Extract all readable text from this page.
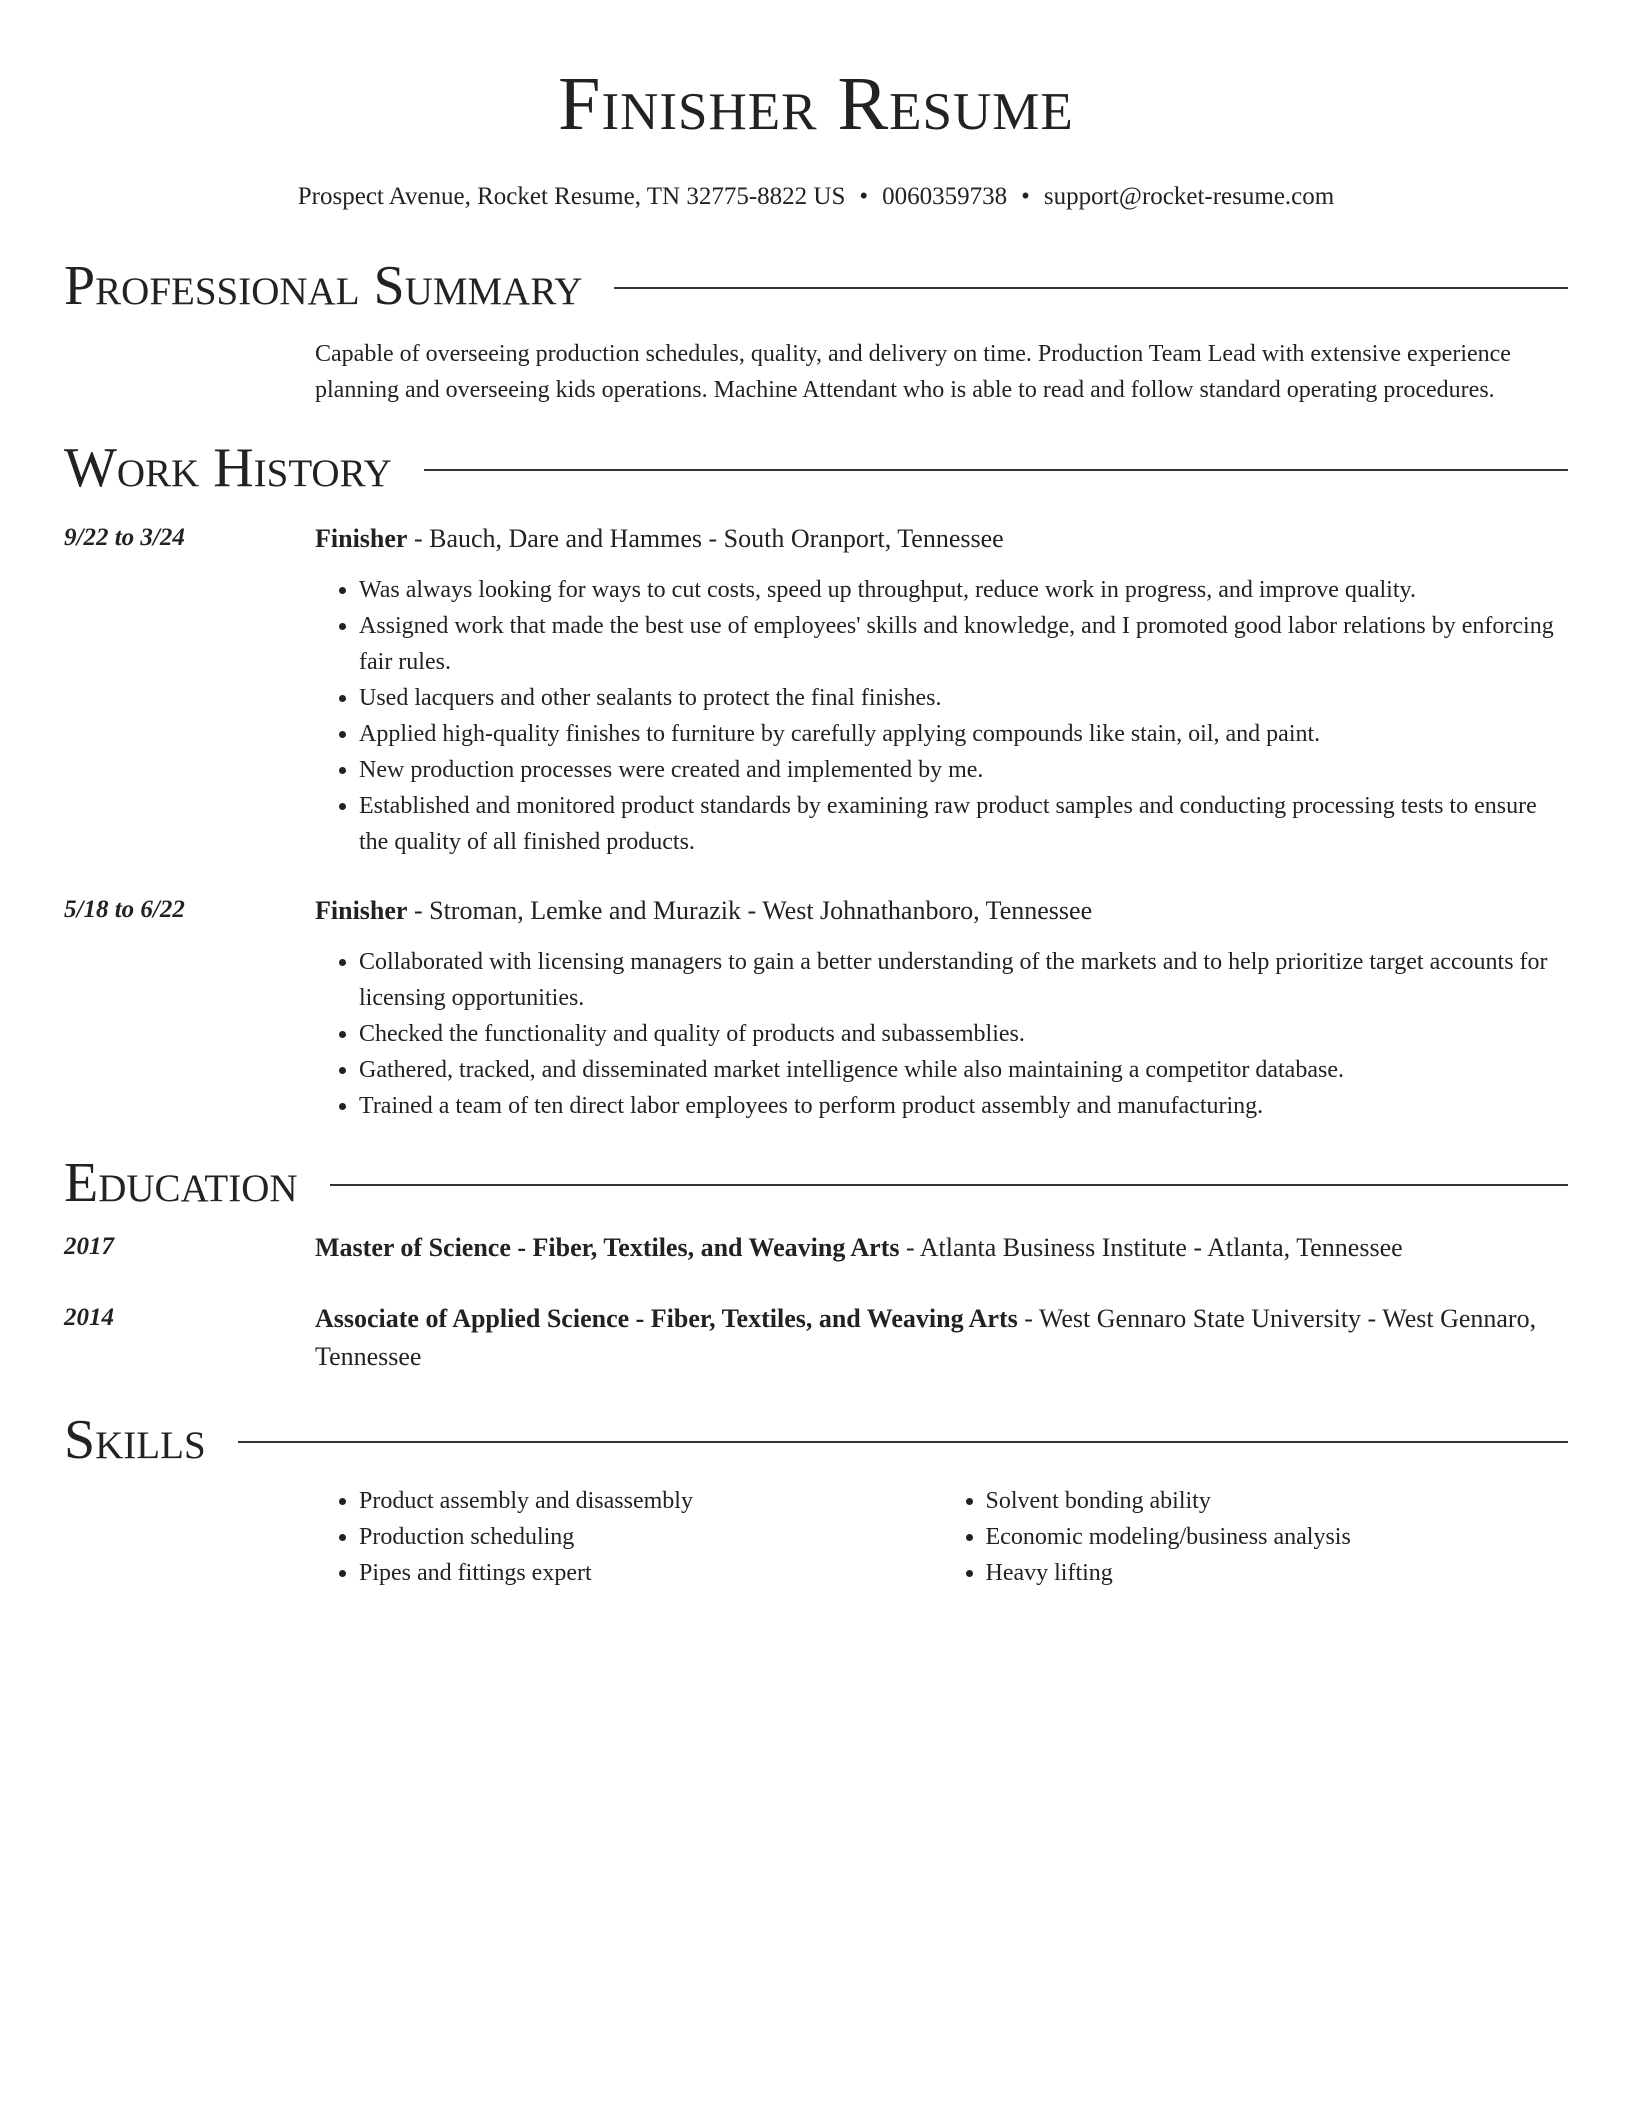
Finisher Resume
Prospect Avenue, Rocket Resume, TN 32775-8822 US • 0060359738 • support@rocket-resume.com
Professional Summary
Capable of overseeing production schedules, quality, and delivery on time. Production Team Lead with extensive experience planning and overseeing kids operations. Machine Attendant who is able to read and follow standard operating procedures.
Work History
9/22 to 3/24	Finisher - Bauch, Dare and Hammes - South Oranport, Tennessee
• Was always looking for ways to cut costs, speed up throughput, reduce work in progress, and improve quality.
• Assigned work that made the best use of employees' skills and knowledge, and I promoted good labor relations by enforcing fair rules.
• Used lacquers and other sealants to protect the final finishes.
• Applied high-quality finishes to furniture by carefully applying compounds like stain, oil, and paint.
• New production processes were created and implemented by me.
• Established and monitored product standards by examining raw product samples and conducting processing tests to ensure the quality of all finished products.
5/18 to 6/22	Finisher - Stroman, Lemke and Murazik - West Johnathanboro, Tennessee
• Collaborated with licensing managers to gain a better understanding of the markets and to help prioritize target accounts for licensing opportunities.
• Checked the functionality and quality of products and subassemblies.
• Gathered, tracked, and disseminated market intelligence while also maintaining a competitor database.
• Trained a team of ten direct labor employees to perform product assembly and manufacturing.
Education
2017	Master of Science - Fiber, Textiles, and Weaving Arts - Atlanta Business Institute - Atlanta, Tennessee
2014	Associate of Applied Science - Fiber, Textiles, and Weaving Arts - West Gennaro State University - West Gennaro, Tennessee
Skills
• Product assembly and disassembly
• Production scheduling
• Pipes and fittings expert
• Solvent bonding ability
• Economic modeling/business analysis
• Heavy lifting
